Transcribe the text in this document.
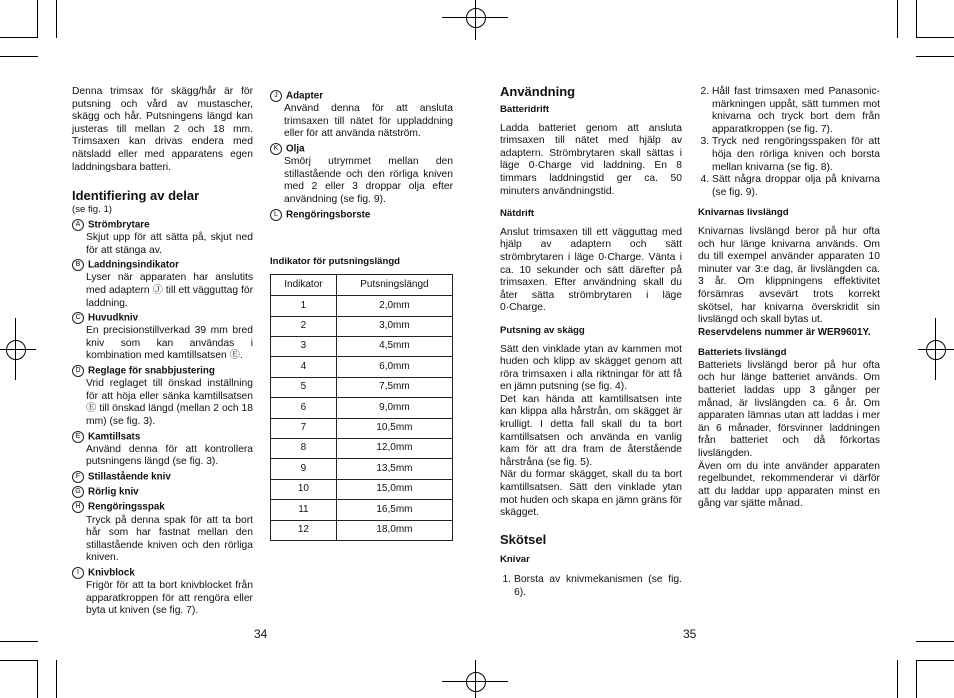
Denna trimsax för skägg/hår är för putsning och vård av mustascher, skägg och hår. Putsningens längd kan justeras till mellan 2 och 18 mm. Trimsaxen kan drivas endera med nätsladd eller med apparatens egen laddningsbara batteri.

Identifiering av delar

(se fig. 1)

A Strömbrytare
Skjut upp för att sätta på, skjut ned för att stänga av.
B Laddningsindikator
Lyser när apparaten har anslutits med adaptern Ⓙ till ett vägguttag för laddning.
C Huvudkniv
En precisionstillverkad 39 mm bred kniv som kan användas i kombination med kamtillsatsen Ⓔ.
D Reglage för snabbjustering
Vrid reglaget till önskad inställning för att höja eller sänka kamtillsatsen Ⓔ till önskad längd (mellan 2 och 18 mm) (se fig. 3).
E Kamtillsats
Använd denna för att kontrollera putsningens längd (se fig. 3).
F Stillastående kniv
G Rörlig kniv
H Rengöringsspak
Tryck på denna spak för att ta bort hår som har fastnat mellan den stillastående kniven och den rörliga kniven.
I Knivblock
Frigör för att ta bort knivblocket från apparatkroppen för att rengöra eller byta ut kniven (se fig. 7).
J Adapter
Använd denna för att ansluta trimsaxen till nätet för uppladdning eller för att använda nätström.
K Olja
Smörj utrymmet mellan den stillastående och den rörliga kniven med 2 eller 3 droppar olja efter användning (se fig. 9).
L Rengöringsborste

Indikator för putsningslängd

Indikator	Putsningslängd
1	2,0mm
2	3,0mm
3	4,5mm
4	6,0mm
5	7,5mm
6	9,0mm
7	10,5mm
8	12,0mm
9	13,5mm
10	15,0mm
11	16,5mm
12	18,0mm

Användning

Batteridrift

Ladda batteriet genom att ansluta trimsaxen till nätet med hjälp av adaptern. Strömbrytaren skall sättas i läge 0·Charge vid laddning. En 8 timmars laddningstid ger ca. 50 minuters användningstid.

Nätdrift

Anslut trimsaxen till ett vägguttag med hjälp av adaptern och sätt strömbrytaren i läge 0·Charge. Vänta i ca. 10 sekunder och sätt därefter på trimsaxen. Efter användning skall du åter sätta strömbrytaren i läge 0·Charge.

Putsning av skägg

Sätt den vinklade ytan av kammen mot huden och klipp av skägget genom att röra trimsaxen i alla riktningar för att få en jämn putsning (se fig. 4).

Det kan hända att kamtillsatsen inte kan klippa alla hårstrån, om skägget är krulligt. I detta fall skall du ta bort kamtillsatsen och använda en vanlig kam för att dra fram de återstående hårstråna (se fig. 5).

När du formar skägget, skall du ta bort kamtillsatsen. Sätt den vinklade ytan mot huden och skapa en jämn gräns för skägget.

Skötsel

Knivar

1. Borsta av knivmekanismen (se fig. 6).
2. Håll fast trimsaxen med Panasonic-märkningen uppåt, sätt tummen mot knivarna och tryck bort dem från apparatkroppen (se fig. 7).
3. Tryck ned rengöringsspaken för att höja den rörliga kniven och borsta mellan knivarna (se fig. 8).
4. Sätt några droppar olja på knivarna (se fig. 9).

Knivarnas livslängd

Knivarnas livslängd beror på hur ofta och hur länge knivarna används. Om du till exempel använder apparaten 10 minuter var 3:e dag, är livslängden ca. 3 år. Om klippningens effektivitet försämras avsevärt trots korrekt skötsel, har knivarna överskridit sin livslängd och skall bytas ut.

Reservdelens nummer är WER9601Y.

Batteriets livslängd

Batteriets livslängd beror på hur ofta och hur länge batteriet används. Om batteriet laddas upp 3 gånger per månad, är livslängden ca. 6 år. Om apparaten lämnas utan att laddas i mer än 6 månader, försvinner laddningen från batteriet och då förkortas livslängden.

Även om du inte använder apparaten regelbundet, rekommenderar vi därför att du laddar upp apparaten minst en gång var sjätte månad.

34	35
